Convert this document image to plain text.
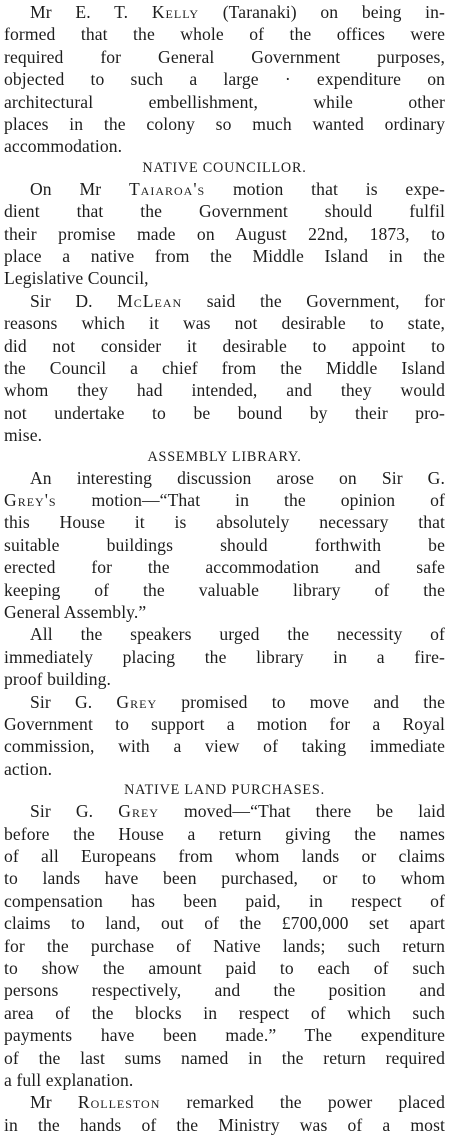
Mr E. T. Kelly (Taranaki) on being in-
formed that the whole of the offices were
required for General Government purposes,
objected to such a large · expenditure on
architectural embellishment, while other
places in the colony so much wanted ordinary
accommodation.
NATIVE COUNCILLOR.
On Mr Taiaroa's motion that is expe-
dient that the Government should fulfil
their promise made on August 22nd, 1873, to
place a native from the Middle Island in the
Legislative Council,
Sir D. McLean said the Government, for
reasons which it was not desirable to state,
did not consider it desirable to appoint to
the Council a chief from the Middle Island
whom they had intended, and they would
not undertake to be bound by their pro-
mise.
ASSEMBLY LIBRARY.
An interesting discussion arose on Sir G.
Grey's motion—“That in the opinion of
this House it is absolutely necessary that
suitable buildings should forthwith be
erected for the accommodation and safe
keeping of the valuable library of the
General Assembly.”
All the speakers urged the necessity of
immediately placing the library in a fire-
proof building.
Sir G. Grey promised to move and the
Government to support a motion for a Royal
commission, with a view of taking immediate
action.
NATIVE LAND PURCHASES.
Sir G. Grey moved—“That there be laid
before the House a return giving the names
of all Europeans from whom lands or claims
to lands have been purchased, or to whom
compensation has been paid, in respect of
claims to land, out of the £700,000 set apart
for the purchase of Native lands; such return
to show the amount paid to each of such
persons respectively, and the position and
area of the blocks in respect of which such
payments have been made.” The expenditure
of the last sums named in the return required
a full explanation.
Mr Rolleston remarked the power placed
in the hands of the Ministry was of a most
